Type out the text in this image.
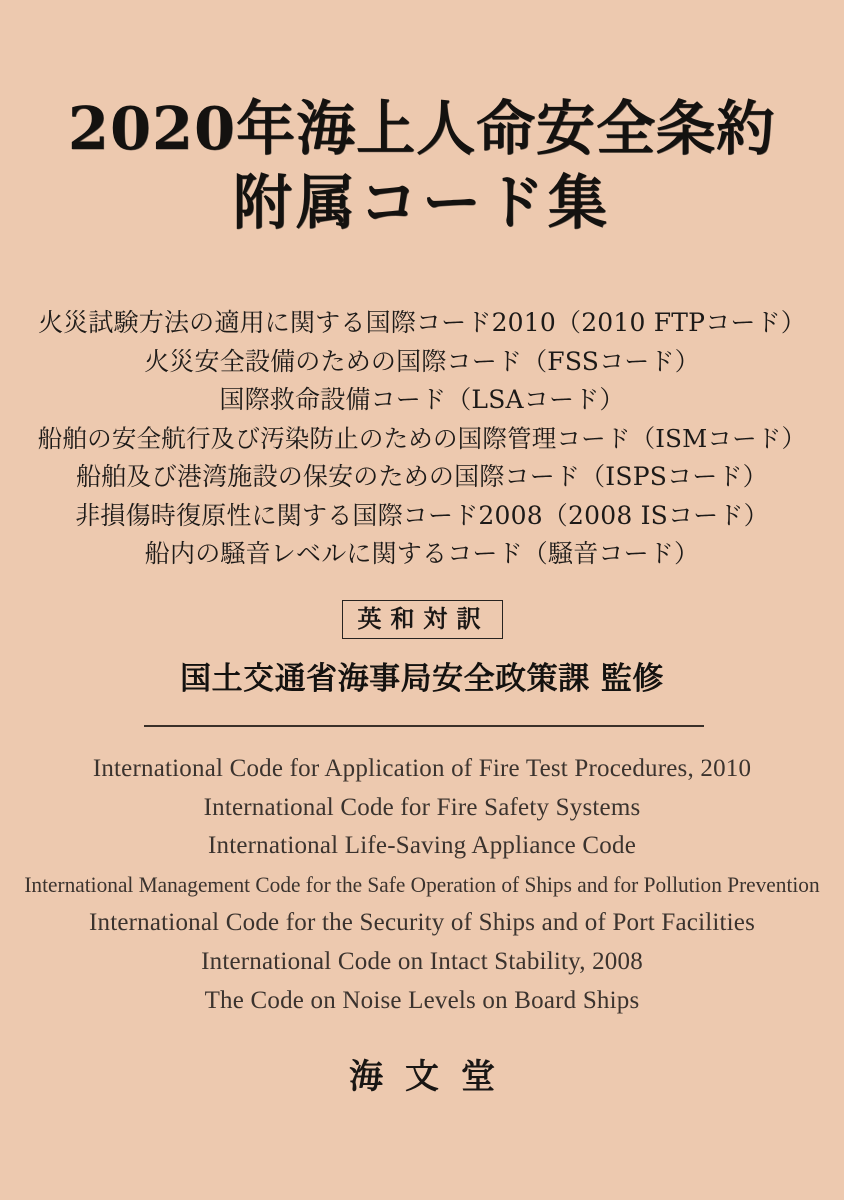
2020年海上人命安全条約
附属コード集
火災試験方法の適用に関する国際コード2010（2010 FTPコード）
火災安全設備のための国際コード（FSSコード）
国際救命設備コード（LSAコード）
船舶の安全航行及び汚染防止のための国際管理コード（ISMコード）
船舶及び港湾施設の保安のための国際コード（ISPSコード）
非損傷時復原性に関する国際コード2008（2008 ISコード）
船内の騒音レベルに関するコード（騒音コード）
英和対訳
国土交通省海事局安全政策課 監修
International Code for Application of Fire Test Procedures, 2010
International Code for Fire Safety Systems
International Life-Saving Appliance Code
International Management Code for the Safe Operation of Ships and for Pollution Prevention
International Code for the Security of Ships and of Port Facilities
International Code on Intact Stability, 2008
The Code on Noise Levels on Board Ships
海文堂
